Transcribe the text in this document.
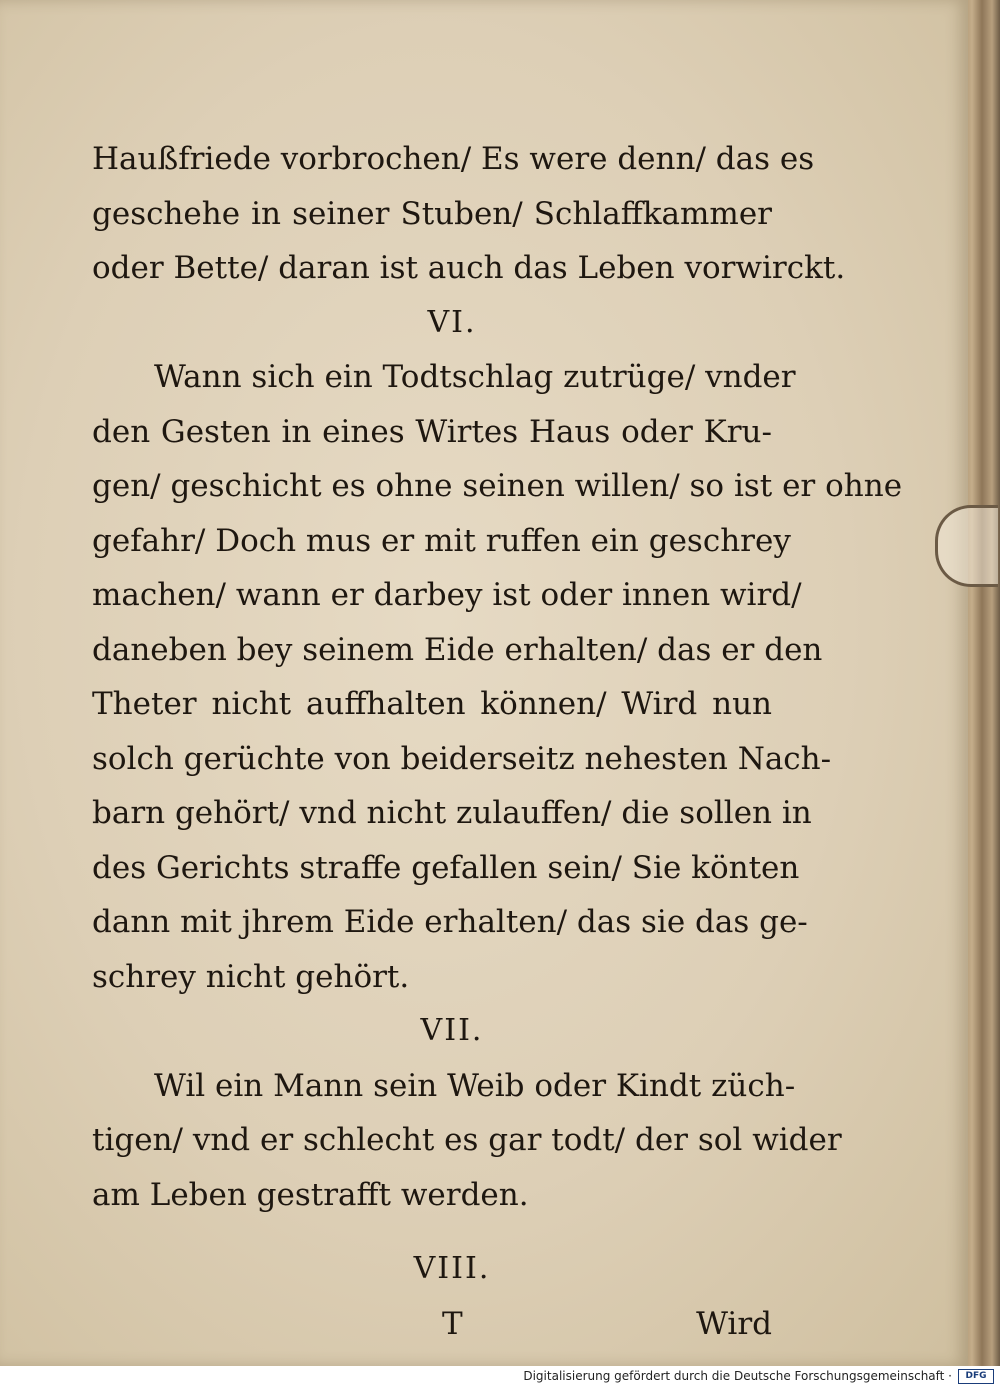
Haußfriede vorbrochen/ Es were denn/ das es
geschehe in seiner Stuben/ Schlaffkammer
oder Bette/ daran ist auch das Leben vorwirckt.
VI.
Wann sich ein Todtschlag zutrüge/ vnder
den Gesten in eines Wirtes Haus oder Kru-
gen/ geschicht es ohne seinen willen/ so ist er ohne
gefahr/ Doch mus er mit ruffen ein geschrey
machen/ wann er darbey ist oder innen wird/
daneben bey seinem Eide erhalten/ das er den
Theter nicht auffhalten können/ Wird nun
solch gerüchte von beiderseitz nehesten Nach-
barn gehört/ vnd nicht zulauffen/ die sollen in
des Gerichts straffe gefallen sein/ Sie könten
dann mit jhrem Eide erhalten/ das sie das ge-
schrey nicht gehört.
VII.
Wil ein Mann sein Weib oder Kindt züch-
tigen/ vnd er schlecht es gar todt/ der sol wider
am Leben gestrafft werden.
VIII.
T	Wird
Digitalisierung gefördert durch die Deutsche Forschungsgemeinschaft ·	DFG
